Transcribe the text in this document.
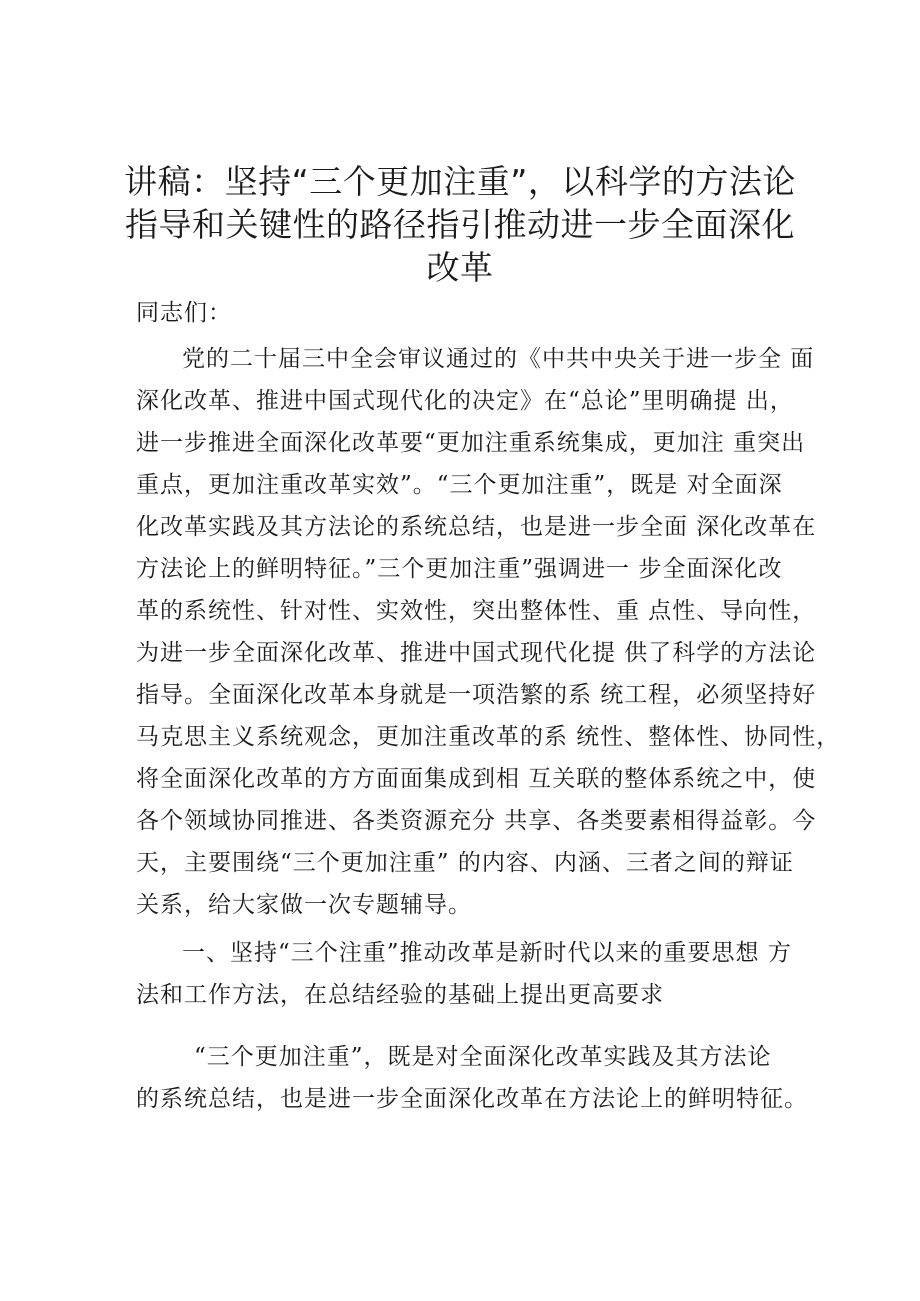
讲稿：坚持“三个更加注重”，以科学的方法论
指导和关键性的路径指引推动进一步全面深化
改革

同志们：

党的二十届三中全会审议通过的《中共中央关于进一步全 面
深化改革、推进中国式现代化的决定》在“总论”里明确提 出，
进一步推进全面深化改革要“更加注重系统集成，更加注 重突出
重点，更加注重改革实效”。“三个更加注重”，既是 对全面深
化改革实践及其方法论的系统总结，也是进一步全面 深化改革在
方法论上的鲜明特征。”三个更加注重”强调进一 步全面深化改
革的系统性、针对性、实效性，突出整体性、重 点性、导向性，
为进一步全面深化改革、推进中国式现代化提 供了科学的方法论
指导。全面深化改革本身就是一项浩繁的系 统工程，必须坚持好
马克思主义系统观念，更加注重改革的系 统性、整体性、协同性，
将全面深化改革的方方面面集成到相 互关联的整体系统之中，使
各个领域协同推进、各类资源充分 共享、各类要素相得益彰。今
天，主要围绕“三个更加注重” 的内容、内涵、三者之间的辩证
关系，给大家做一次专题辅导。
一、坚持“三个注重”推动改革是新时代以来的重要思想 方
法和工作方法，在总结经验的基础上提出更高要求
“三个更加注重”，既是对全面深化改革实践及其方法论
的系统总结，也是进一步全面深化改革在方法论上的鲜明特征。
